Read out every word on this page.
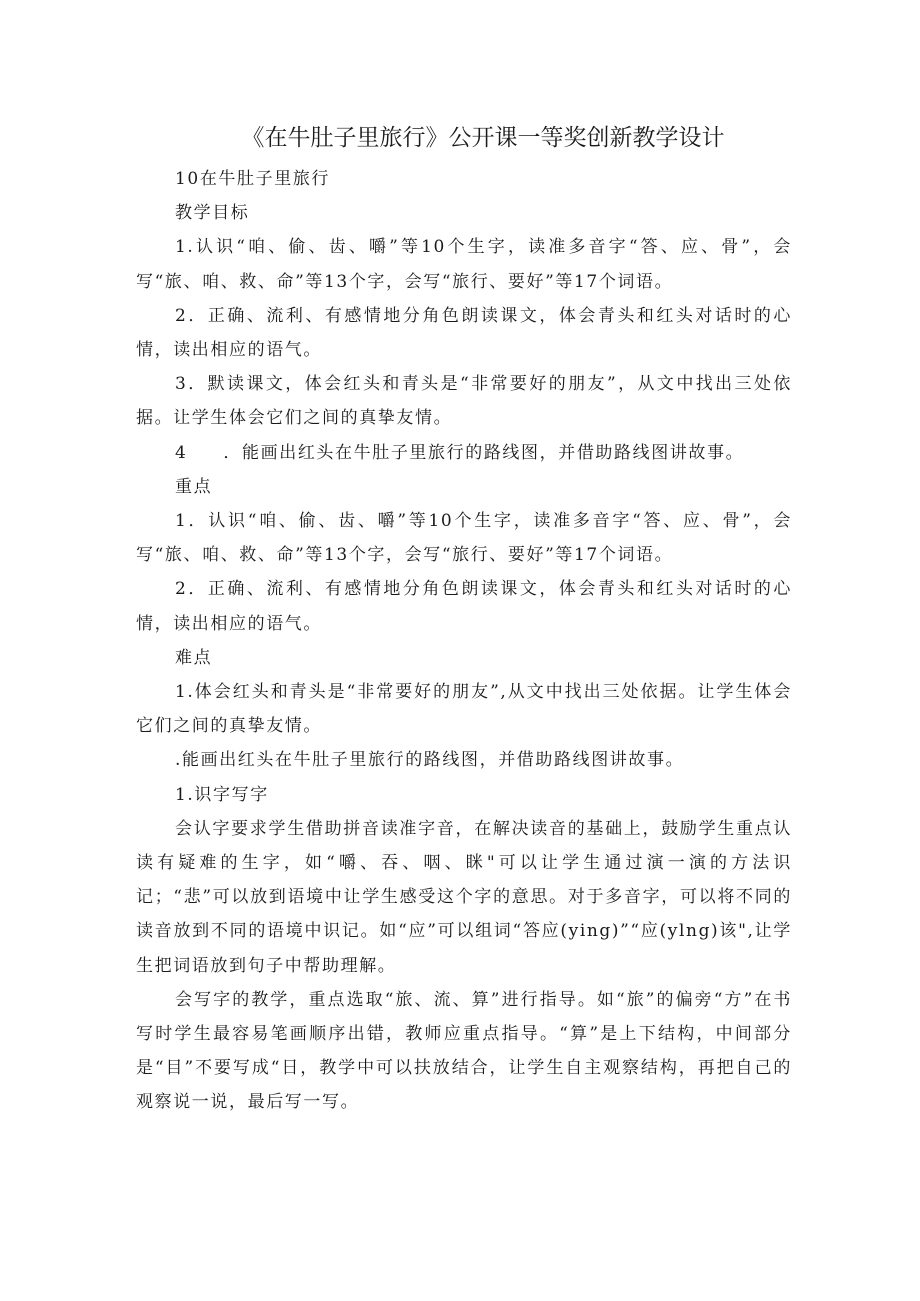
《在牛肚子里旅行》公开课一等奖创新教学设计

10在牛肚子里旅行

教学目标

1.认识“咱、偷、齿、嚼”等10个生字，读准多音字“答、应、骨”，会写“旅、咱、救、命”等13个字，会写“旅行、要好”等17个词语。

2．正确、流利、有感情地分角色朗读课文，体会青头和红头对话时的心情，读出相应的语气。

3．默读课文，体会红头和青头是“非常要好的朋友”，从文中找出三处依据。让学生体会它们之间的真挚友情。

4 ．能画出红头在牛肚子里旅行的路线图，并借助路线图讲故事。

重点

1．认识“咱、偷、齿、嚼”等10个生字，读准多音字“答、应、骨”，会写“旅、咱、救、命”等13个字，会写“旅行、要好”等17个词语。

2．正确、流利、有感情地分角色朗读课文，体会青头和红头对话时的心情，读出相应的语气。

难点

1.体会红头和青头是“非常要好的朋友”,从文中找出三处依据。让学生体会它们之间的真挚友情。

.能画出红头在牛肚子里旅行的路线图，并借助路线图讲故事。

1.识字写字

会认字要求学生借助拼音读准字音，在解决读音的基础上，鼓励学生重点认读有疑难的生字，如“嚼、吞、咽、眯"可以让学生通过演一演的方法识记；“悲”可以放到语境中让学生感受这个字的意思。对于多音字，可以将不同的读音放到不同的语境中识记。如“应”可以组词“答应(ying)”“应(ylng)该",让学生把词语放到句子中帮助理解。

会写字的教学，重点选取“旅、流、算”进行指导。如“旅”的偏旁“方”在书写时学生最容易笔画顺序出错，教师应重点指导。“算”是上下结构，中间部分是“目”不要写成“日，教学中可以扶放结合，让学生自主观察结构，再把自己的观察说一说，最后写一写。
